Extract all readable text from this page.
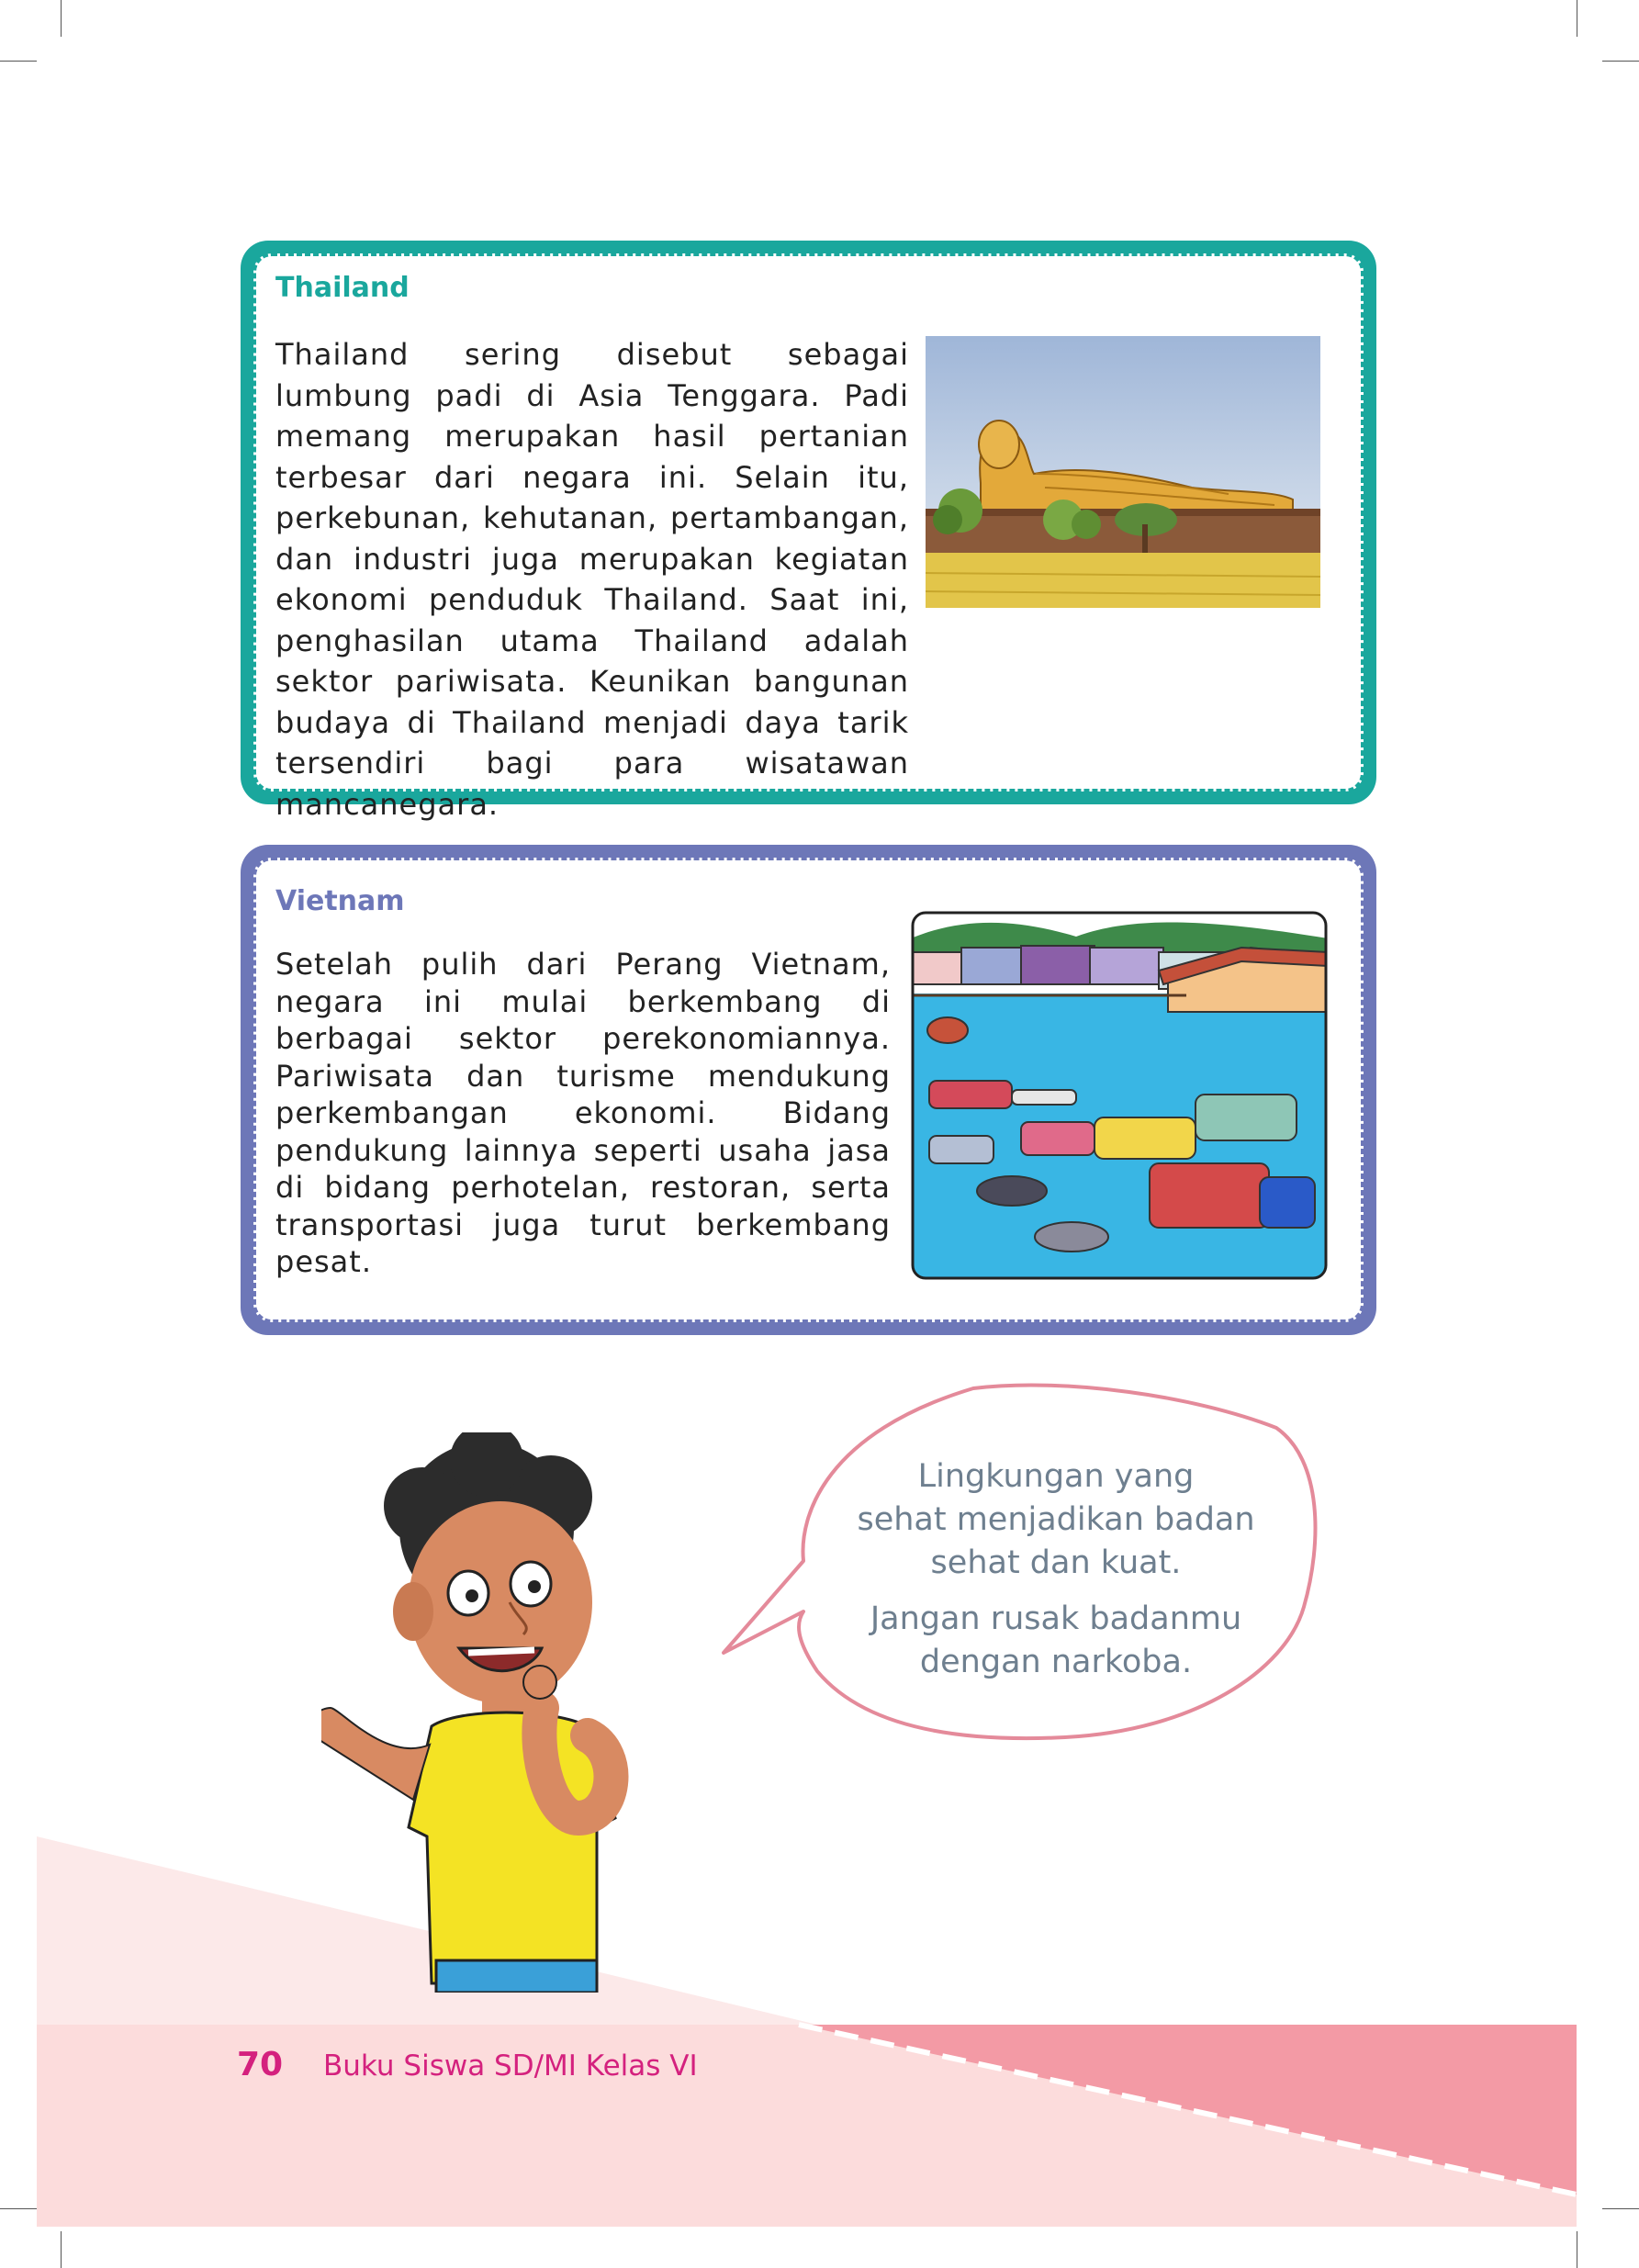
Thailand

Thailand sering disebut sebagai lumbung padi di Asia Tenggara. Padi memang merupakan hasil pertanian terbesar dari negara ini. Selain itu, perkebunan, kehutanan, pertambangan, dan industri juga merupakan kegiatan ekonomi penduduk Thailand. Saat ini, penghasilan utama Thailand adalah sektor pariwisata. Keunikan bangunan budaya di Thailand menjadi daya tarik tersendiri bagi para wisatawan mancanegara.

Vietnam

Setelah pulih dari Perang Vietnam, negara ini mulai berkembang di berbagai sektor perekonomiannya. Pariwisata dan turisme mendukung perkembangan ekonomi. Bidang pendukung lainnya seperti usaha jasa di bidang perhotelan, restoran, serta transportasi juga turut berkembang pesat.

Lingkungan yang
sehat menjadikan badan
sehat dan kuat.
Jangan rusak badanmu
dengan narkoba.
70 Buku Siswa SD/MI Kelas VI
